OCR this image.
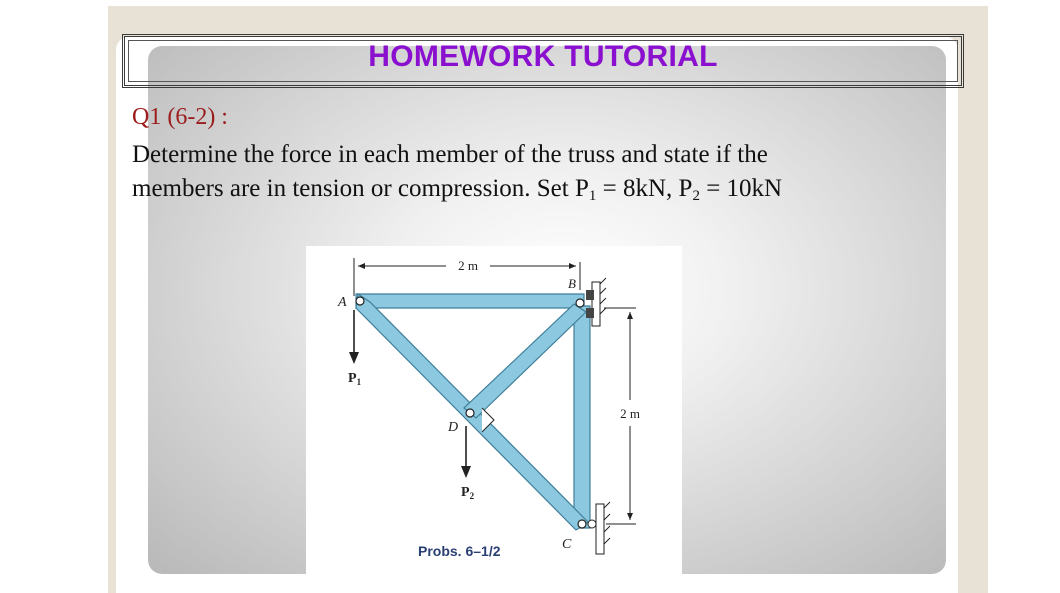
HOMEWORK TUTORIAL
Q1 (6-2) :
Determine the force in each member of the truss and state if the
members are in tension or compression. Set $P_1 = 8kN$, $P_2 = 10kN$
2 m
2 m
A
B
C
D
$P_1$
$P_2$
Probs. 6–1/2
